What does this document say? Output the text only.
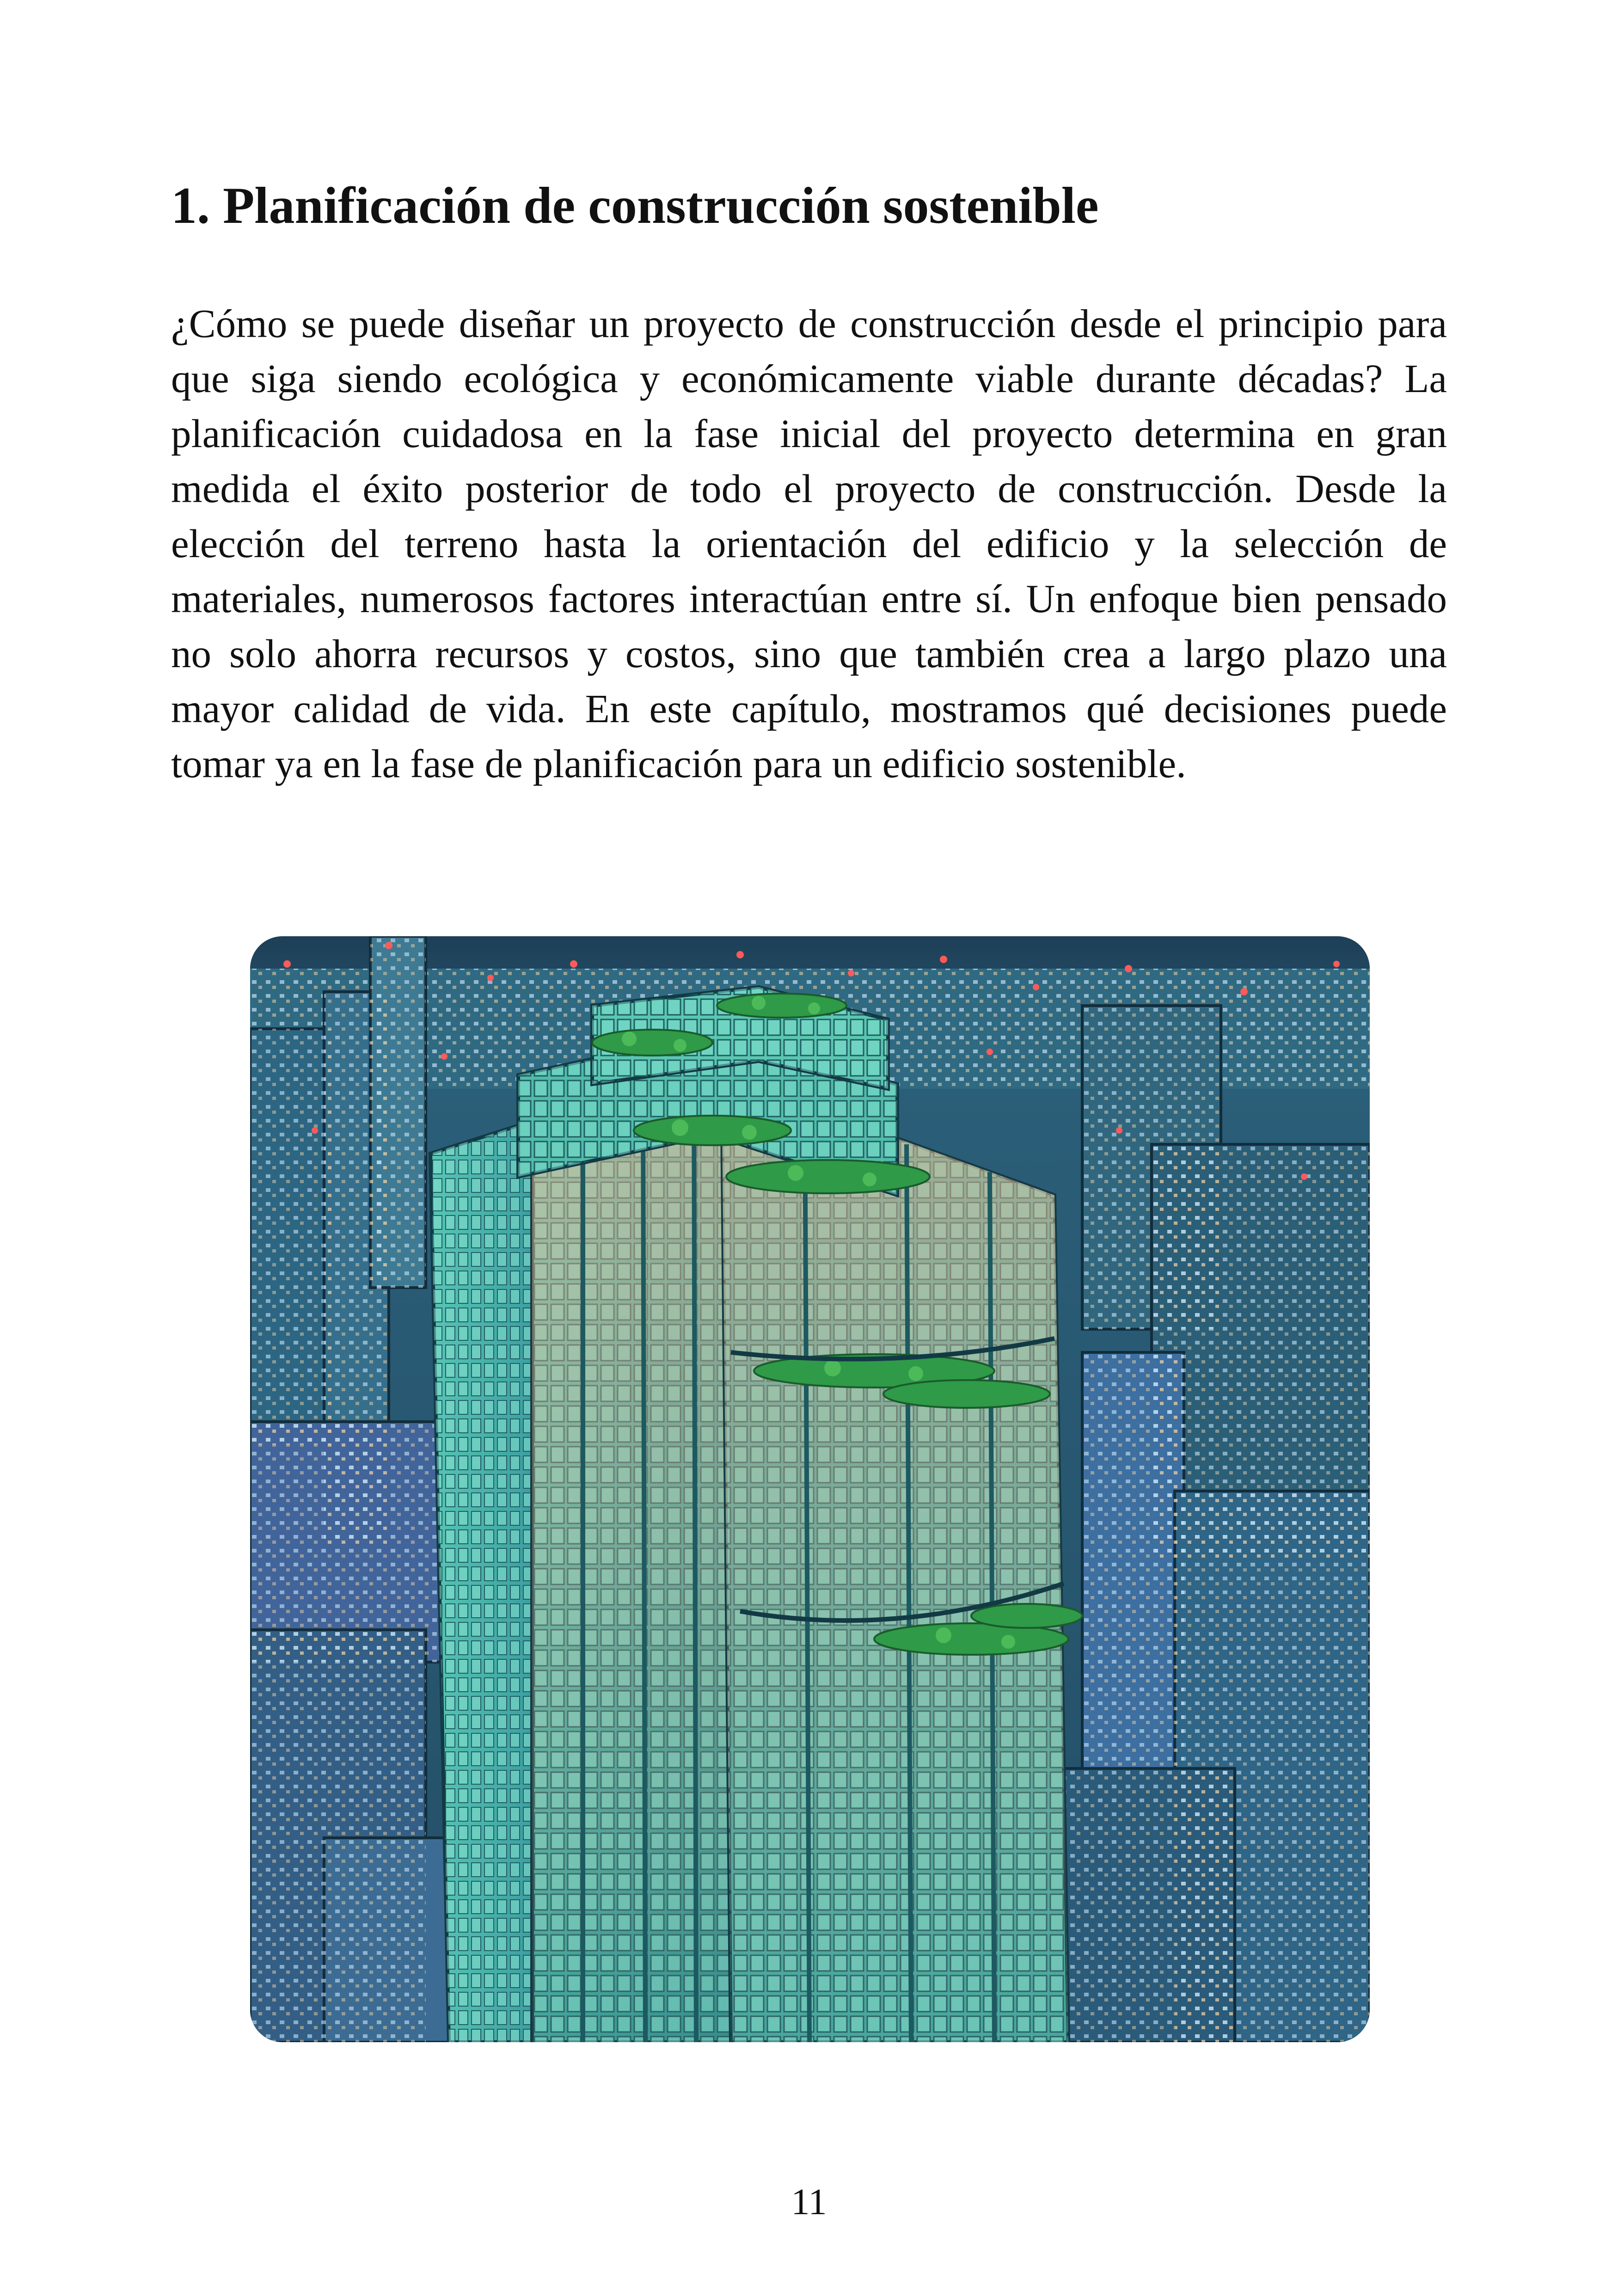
1. Planificación de construcción sostenible

¿Cómo se puede diseñar un proyecto de construcción desde el principio para que siga siendo ecológica y económicamente viable durante décadas? La planificación cuidadosa en la fase inicial del proyecto determina en gran medida el éxito posterior de todo el proyecto de construcción. Desde la elección del terreno hasta la orientación del edificio y la selección de materiales, numerosos factores interactúan entre sí. Un enfoque bien pensado no solo ahorra recursos y costos, sino que también crea a largo plazo una mayor calidad de vida. En este capítulo, mostramos qué decisiones puede tomar ya en la fase de planificación para un edificio sostenible.

11
